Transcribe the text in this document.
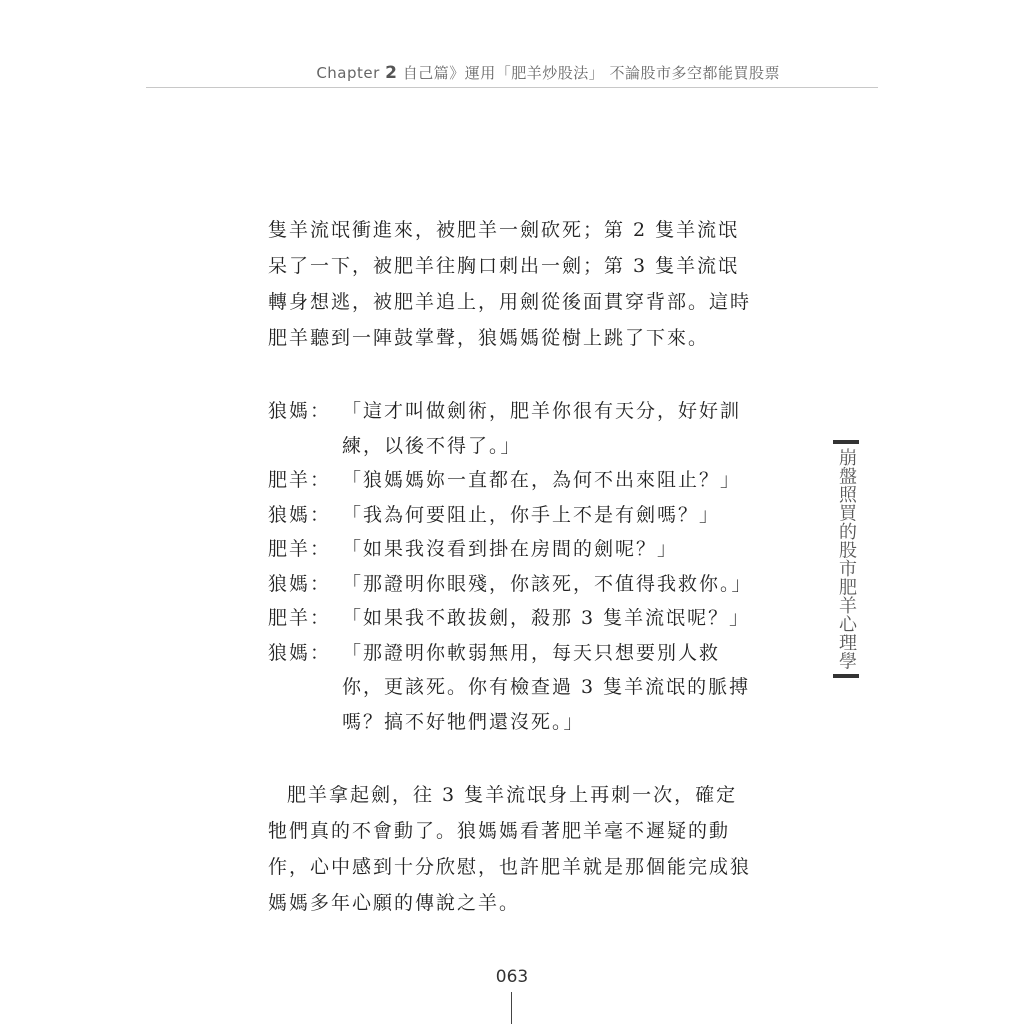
Chapter 2 自己篇》運用「肥羊炒股法」 不論股市多空都能買股票
隻羊流氓衝進來，被肥羊一劍砍死；第 2 隻羊流氓呆了一下，被肥羊往胸口刺出一劍；第 3 隻羊流氓轉身想逃，被肥羊追上，用劍從後面貫穿背部。這時肥羊聽到一陣鼓掌聲，狼媽媽從樹上跳了下來。
狼媽： 「這才叫做劍術，肥羊你很有天分，好好訓練，以後不得了。」
肥羊： 「狼媽媽妳一直都在，為何不出來阻止？」
狼媽： 「我為何要阻止，你手上不是有劍嗎？」
肥羊： 「如果我沒看到掛在房間的劍呢？」
狼媽： 「那證明你眼殘，你該死，不值得我救你。」
肥羊： 「如果我不敢拔劍，殺那 3 隻羊流氓呢？」
狼媽： 「那證明你軟弱無用，每天只想要別人救你，更該死。你有檢查過 3 隻羊流氓的脈搏嗎？搞不好牠們還沒死。」
肥羊拿起劍，往 3 隻羊流氓身上再刺一次，確定牠們真的不會動了。狼媽媽看著肥羊毫不遲疑的動作，心中感到十分欣慰，也許肥羊就是那個能完成狼媽媽多年心願的傳說之羊。
崩盤照買的股市肥羊心理學
063
